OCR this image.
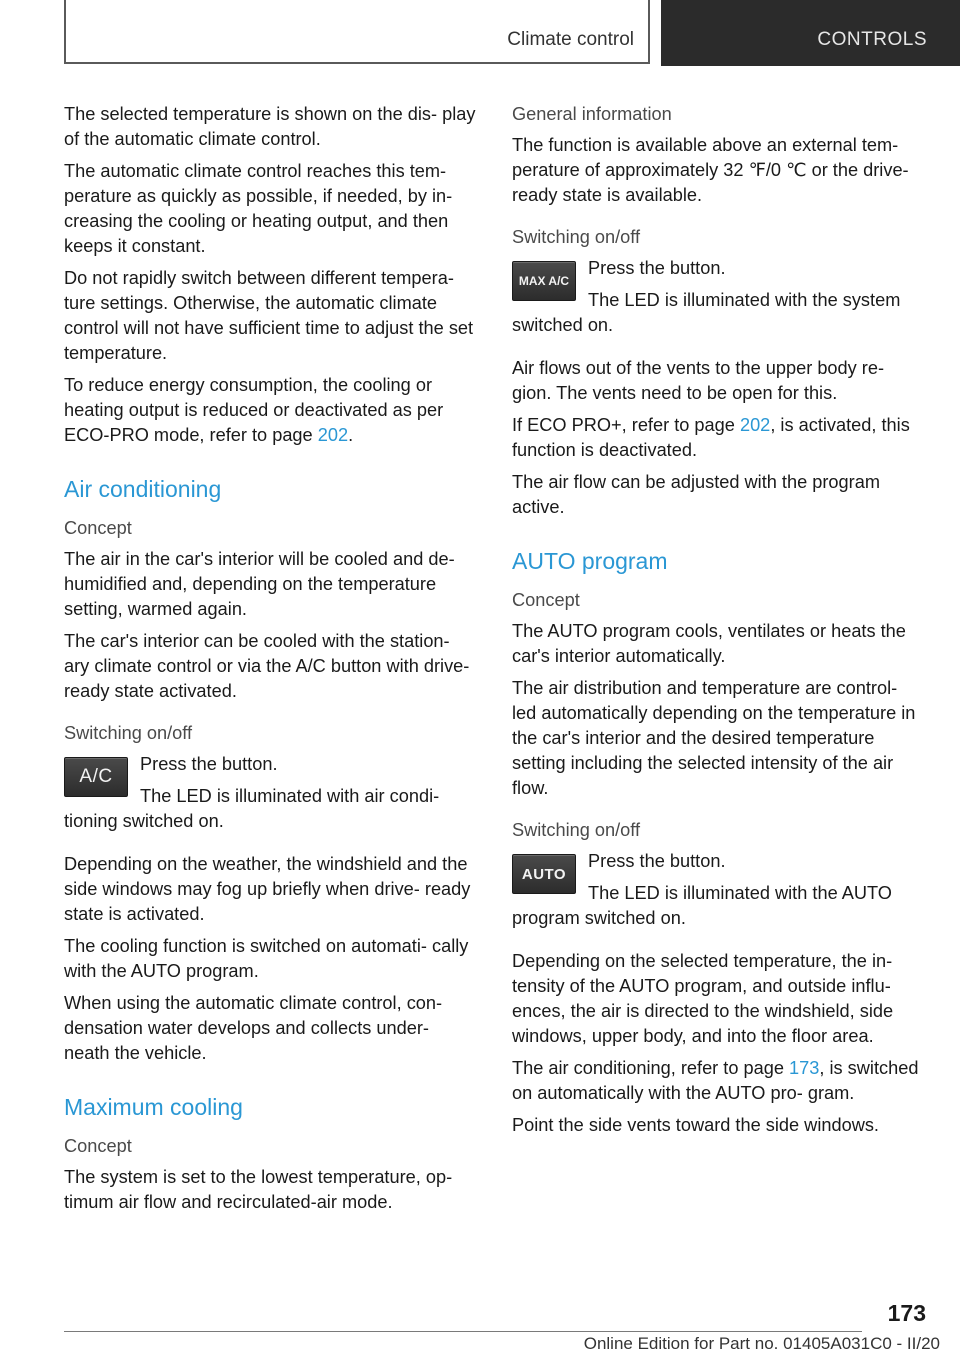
Climate control	CONTROLS

The selected temperature is shown on the dis‐ play of the automatic climate control.

The automatic climate control reaches this tem‐ perature as quickly as possible, if needed, by in‐ creasing the cooling or heating output, and then keeps it constant.

Do not rapidly switch between different tempera‐ ture settings. Otherwise, the automatic climate control will not have sufficient time to adjust the set temperature.

To reduce energy consumption, the cooling or heating output is reduced or deactivated as per ECO-PRO mode, refer to page 202.

Air conditioning
Concept

The air in the car's interior will be cooled and de‐ humidified and, depending on the temperature setting, warmed again.

The car's interior can be cooled with the station‐ ary climate control or via the A/C button with drive-ready state activated.

Switching on/off
A/C

Press the button.

The LED is illuminated with air condi‐ tioning switched on.

Depending on the weather, the windshield and the side windows may fog up briefly when drive- ready state is activated.

The cooling function is switched on automati‐ cally with the AUTO program.

When using the automatic climate control, con‐ densation water develops and collects under‐ neath the vehicle.

Maximum cooling
Concept

The system is set to the lowest temperature, op‐ timum air flow and recirculated-air mode.

General information

The function is available above an external tem‐ perature of approximately 32 ℉/0 ℃ or the drive- ready state is available.

Switching on/off
MAX A/C

Press the button.

The LED is illuminated with the system switched on.

Air flows out of the vents to the upper body re‐ gion. The vents need to be open for this.

If ECO PRO+, refer to page 202, is activated, this function is deactivated.

The air flow can be adjusted with the program active.

AUTO program
Concept

The AUTO program cools, ventilates or heats the car's interior automatically.

The air distribution and temperature are control‐ led automatically depending on the temperature in the car's interior and the desired temperature setting including the selected intensity of the air flow.

Switching on/off
AUTO

Press the button.

The LED is illuminated with the AUTO program switched on.

Depending on the selected temperature, the in‐ tensity of the AUTO program, and outside influ‐ ences, the air is directed to the windshield, side windows, upper body, and into the floor area.

The air conditioning, refer to page 173, is switched on automatically with the AUTO pro‐ gram.

Point the side vents toward the side windows.

173
Online Edition for Part no. 01405A031C0 - II/20
